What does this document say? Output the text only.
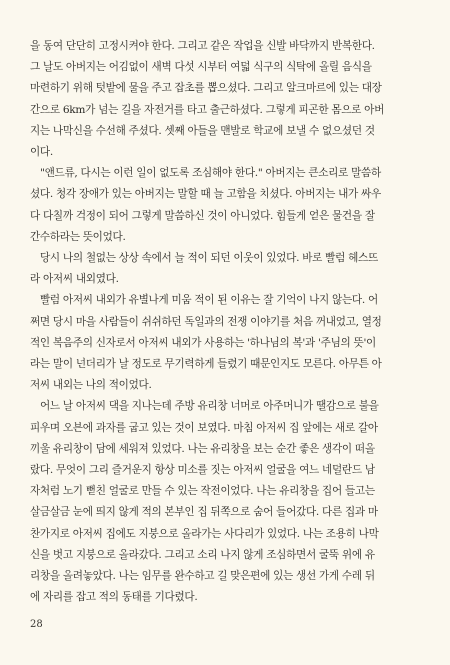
을 동여 단단히 고정시켜야 한다. 그리고 같은 작업을 신발 바닥까지 반복한다.
그 날도 아버지는 어김없이 새벽 다섯 시부터 여덟 식구의 식탁에 올릴 음식을
마련하기 위해 텃밭에 물을 주고 잡초를 뽑으셨다. 그리고 알크마르에 있는 대장
간으로 6km가 넘는 길을 자전거를 타고 출근하셨다. 그렇게 피곤한 몸으로 아버
지는 나막신을 수선해 주셨다. 셋째 아들을 맨발로 학교에 보낼 수 없으셨던 것
이다.
"앤드류, 다시는 이런 일이 없도록 조심해야 한다." 아버지는 큰소리로 말씀하
셨다. 청각 장애가 있는 아버지는 말할 때 늘 고함을 치셨다. 아버지는 내가 싸우
다 다칠까 걱정이 되어 그렇게 말씀하신 것이 아니었다. 힘들게 얻은 물건을 잘
간수하라는 뜻이었다.
당시 나의 철없는 상상 속에서 늘 적이 되던 이웃이 있었다. 바로 빨럼 헤스뜨
라 아저씨 내외였다.
빨럼 아저씨 내외가 유별나게 미움 적이 된 이유는 잘 기억이 나지 않는다. 어
쩌면 당시 마을 사람들이 쉬쉬하던 독일과의 전쟁 이야기를 처음 꺼내었고, 열정
적인 복음주의 신자로서 아저씨 내외가 사용하는 '하나님의 복'과 '주님의 뜻'이
라는 말이 넌더리가 날 정도로 무기력하게 들렸기 때문인지도 모른다. 아무튼 아
저씨 내외는 나의 적이었다.
어느 날 아저씨 댁을 지나는데 주방 유리창 너머로 아주머니가 땔감으로 불을
피우며 오븐에 과자를 굽고 있는 것이 보였다. 마침 아저씨 집 앞에는 새로 갈아
끼울 유리창이 담에 세워져 있었다. 나는 유리창을 보는 순간 좋은 생각이 떠올
랐다. 무엇이 그리 즐거운지 항상 미소를 짓는 아저씨 얼굴을 여느 네덜란드 남
자처럼 노기 뻗친 얼굴로 만들 수 있는 작전이었다. 나는 유리창을 집어 들고는
살금살금 눈에 띄지 않게 적의 본부인 집 뒤쪽으로 숨어 들어갔다. 다른 집과 마
찬가지로 아저씨 집에도 지붕으로 올라가는 사다리가 있었다. 나는 조용히 나막
신을 벗고 지붕으로 올라갔다. 그리고 소리 나지 않게 조심하면서 굴뚝 위에 유
리창을 올려놓았다. 나는 임무를 완수하고 길 맞은편에 있는 생선 가게 수레 뒤
에 자리를 잡고 적의 동태를 기다렸다.
28
